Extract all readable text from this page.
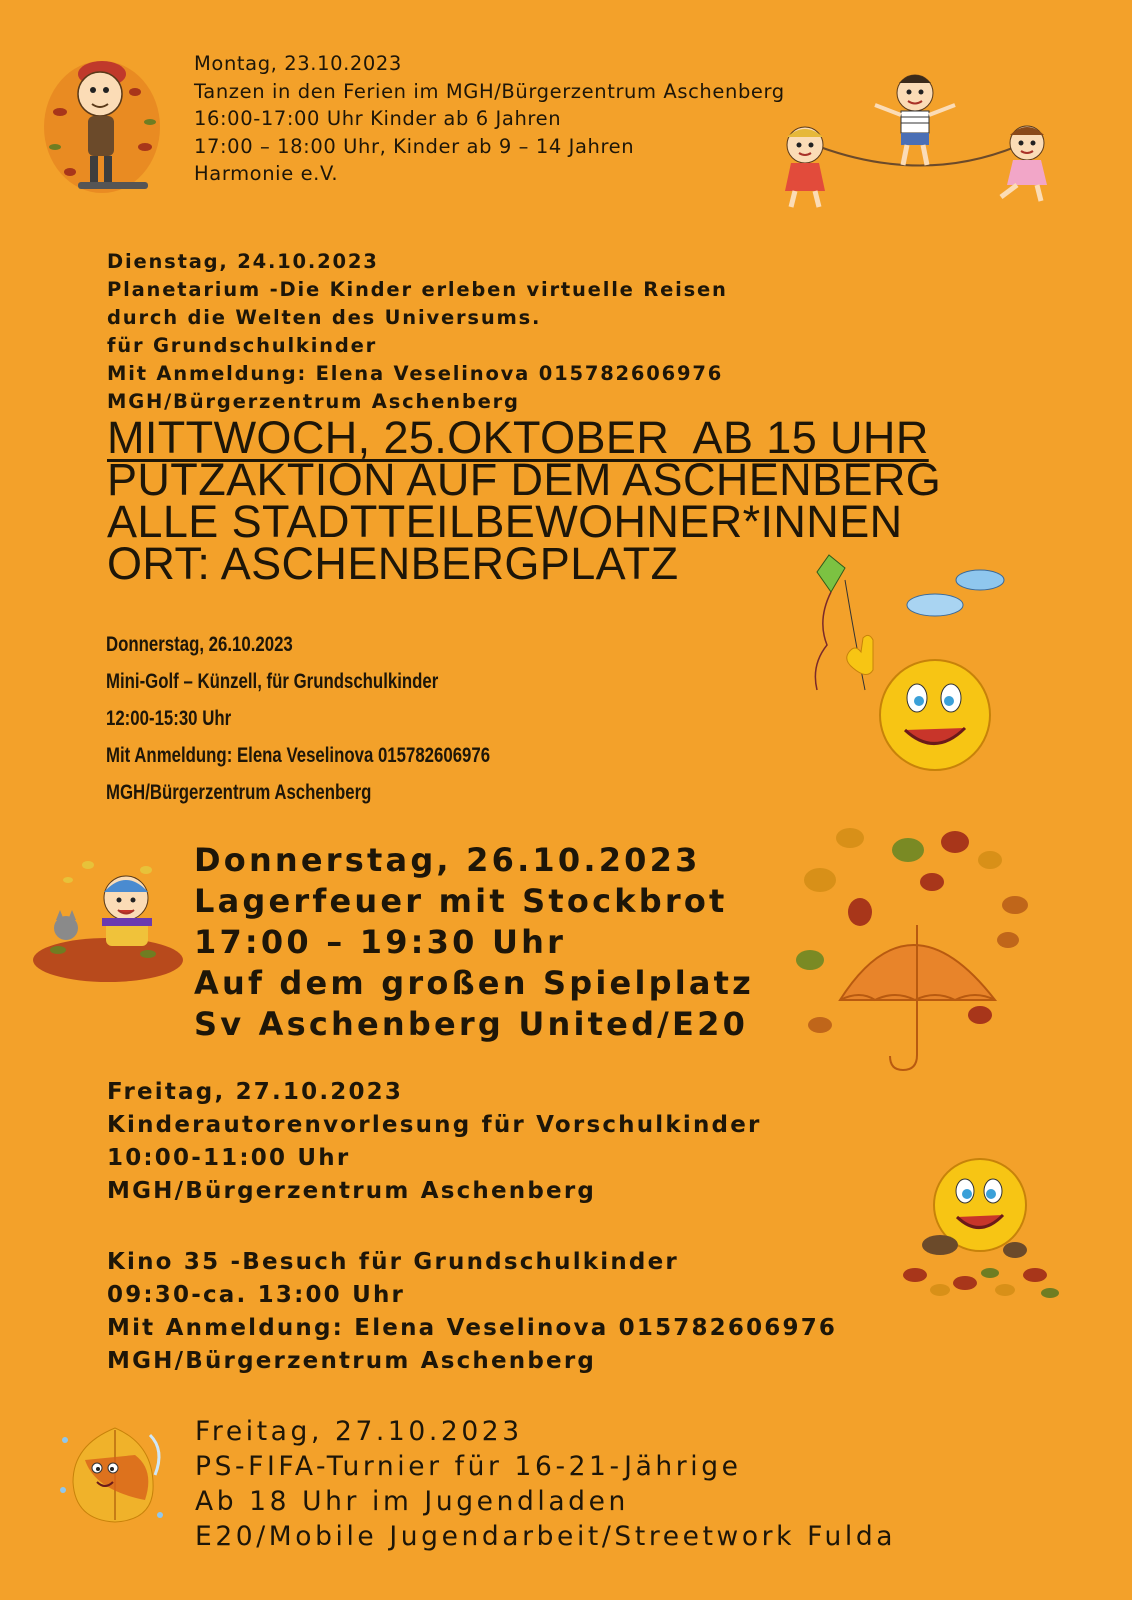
Montag, 23.10.2023
Tanzen in den Ferien im MGH/Bürgerzentrum Aschenberg
16:00-17:00 Uhr Kinder ab 6 Jahren
17:00 – 18:00 Uhr, Kinder ab 9 – 14 Jahren
Harmonie e.V.
Dienstag, 24.10.2023
Planetarium -Die Kinder erleben virtuelle Reisen
durch die Welten des Universums.
für Grundschulkinder
Mit Anmeldung: Elena Veselinova 015782606976
MGH/Bürgerzentrum Aschenberg
MITTWOCH, 25.OKTOBER  AB 15 UHR
PUTZAKTION AUF DEM ASCHENBERG
ALLE STADTTEILBEWOHNER*INNEN
ORT: ASCHENBERGPLATZ
Donnerstag, 26.10.2023
Mini-Golf – Künzell, für Grundschulkinder
12:00-15:30 Uhr
Mit Anmeldung: Elena Veselinova 015782606976
MGH/Bürgerzentrum Aschenberg
Donnerstag, 26.10.2023
Lagerfeuer mit Stockbrot
17:00 – 19:30 Uhr
Auf dem großen Spielplatz
Sv Aschenberg United/E20
Freitag, 27.10.2023
Kinderautorenvorlesung für Vorschulkinder
10:00-11:00 Uhr
MGH/Bürgerzentrum Aschenberg
Kino 35 -Besuch für Grundschulkinder
09:30-ca. 13:00 Uhr
Mit Anmeldung: Elena Veselinova 015782606976
MGH/Bürgerzentrum Aschenberg
Freitag, 27.10.2023
PS-FIFA-Turnier für 16-21-Jährige
Ab 18 Uhr im Jugendladen
E20/Mobile Jugendarbeit/Streetwork Fulda
